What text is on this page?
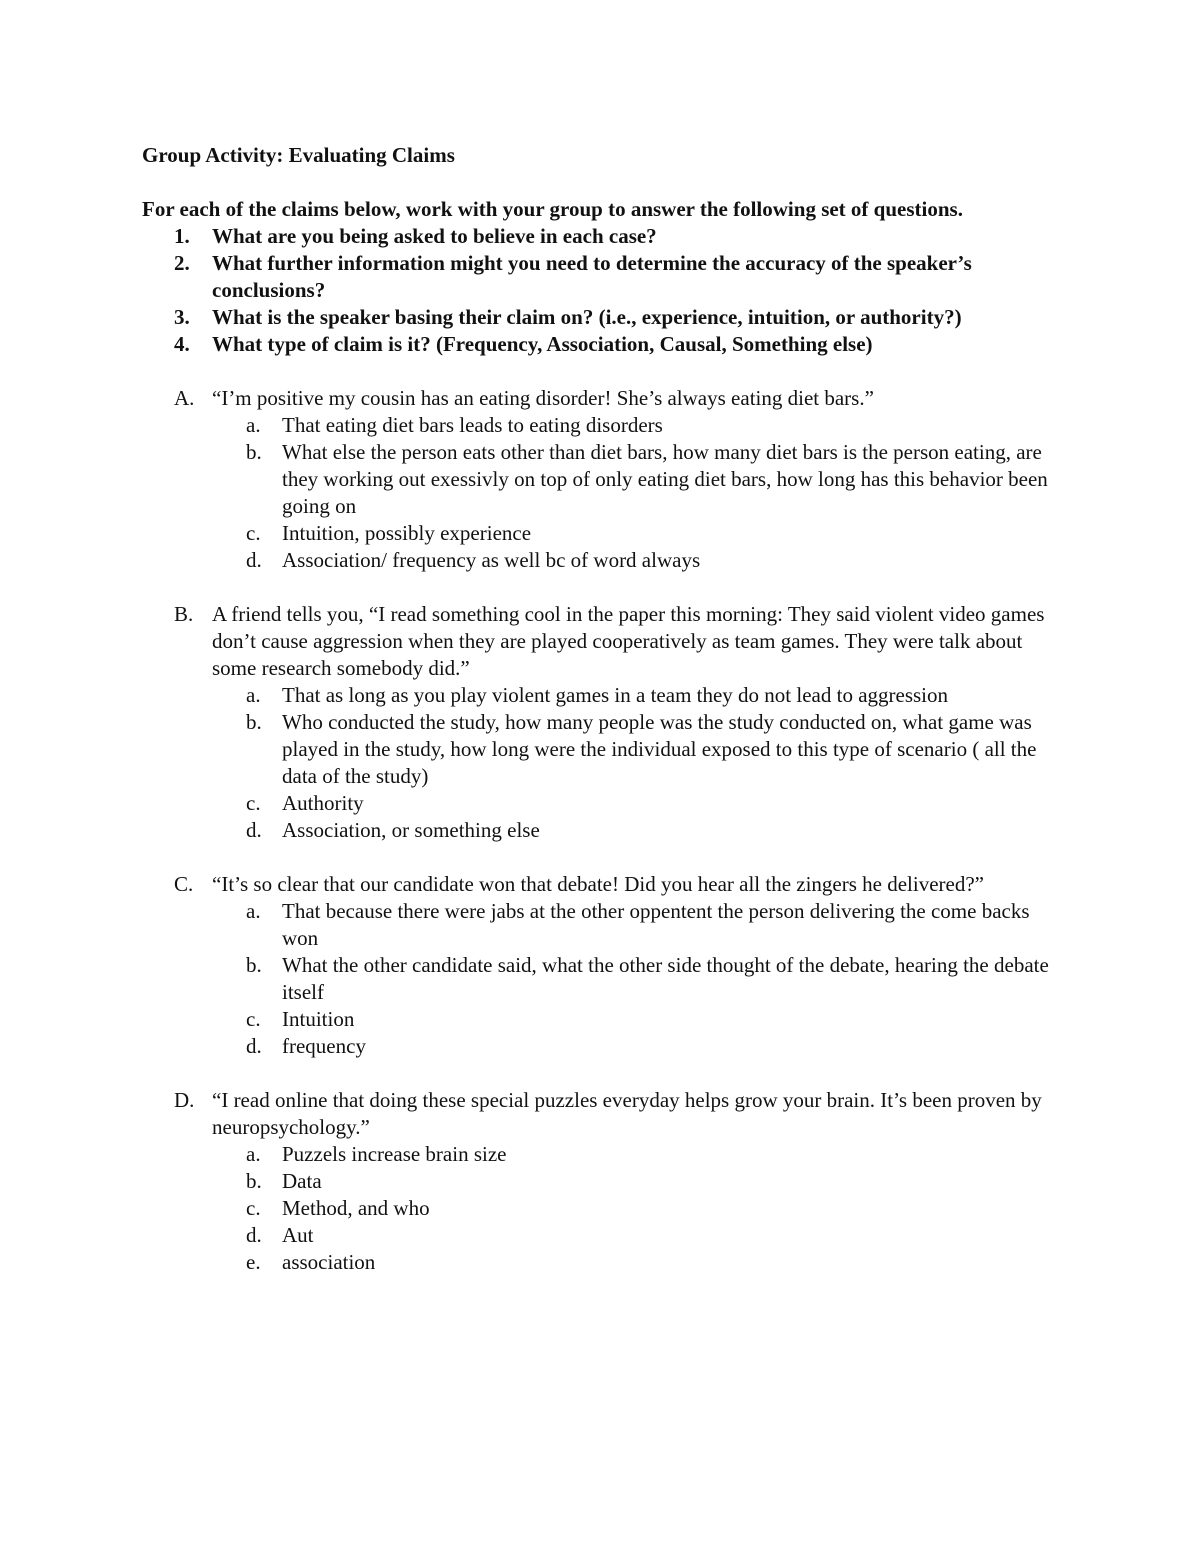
Group Activity: Evaluating Claims
For each of the claims below, work with your group to answer the following set of questions.
1. What are you being asked to believe in each case?
2. What further information might you need to determine the accuracy of the speaker’s conclusions?
3. What is the speaker basing their claim on? (i.e., experience, intuition, or authority?)
4. What type of claim is it? (Frequency, Association, Causal, Something else)
A. “I’m positive my cousin has an eating disorder! She’s always eating diet bars.”
a. That eating diet bars leads to eating disorders
b. What else the person eats other than diet bars, how many diet bars is the person eating, are they working out exessivly on top of only eating diet bars, how long has this behavior been going on
c. Intuition, possibly experience
d. Association/ frequency as well bc of word always
B. A friend tells you, “I read something cool in the paper this morning: They said violent video games don’t cause aggression when they are played cooperatively as team games. They were talk about some research somebody did.”
a. That as long as you play violent games in a team they do not lead to aggression
b. Who conducted the study, how many people was the study conducted on, what game was played in the study, how long were the individual exposed to this type of scenario ( all the data of the study)
c. Authority
d. Association, or something else
C. “It’s so clear that our candidate won that debate! Did you hear all the zingers he delivered?”
a. That because there were jabs at the other oppentent the person delivering the come backs won
b. What the other candidate said, what the other side thought of the debate, hearing the debate itself
c. Intuition
d. frequency
D. “I read online that doing these special puzzles everyday helps grow your brain. It’s been proven by neuropsychology.”
a. Puzzels increase brain size
b. Data
c. Method, and who
d. Aut
e. association
